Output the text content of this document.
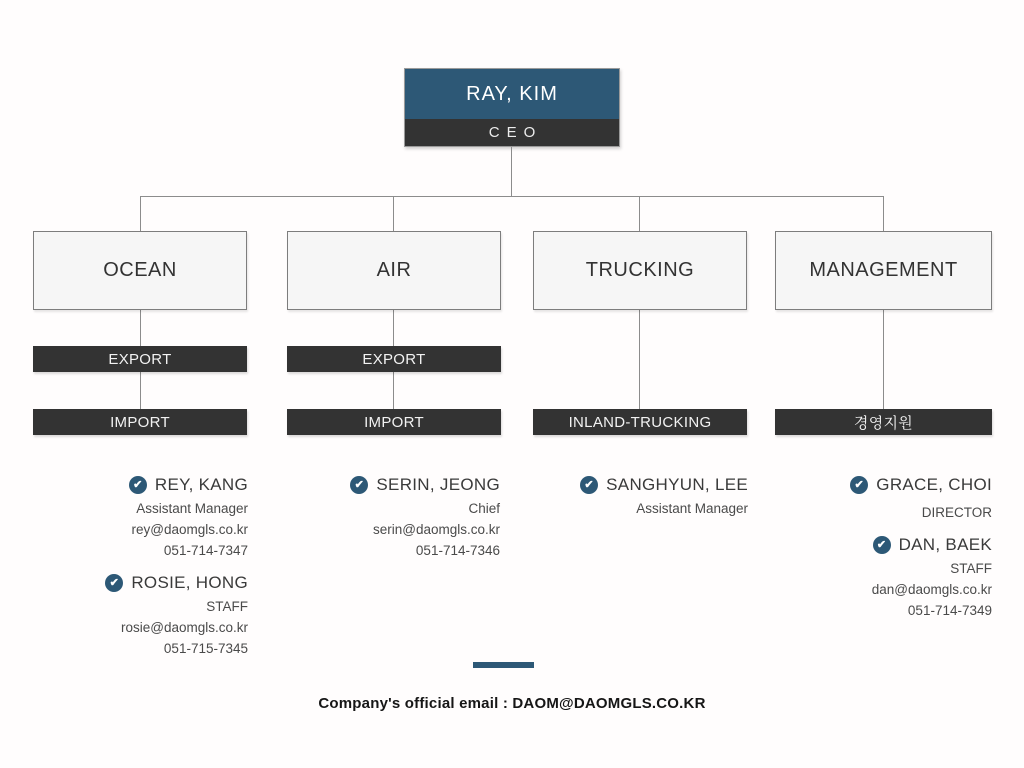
RAY, KIM
CEO
OCEAN	AIR	TRUCKING	MANAGEMENT
EXPORT
IMPORT
EXPORT
IMPORT	INLAND-TRUCKING	경영지원
✔ REY, KANG
Assistant Manager
rey@daomgls.co.kr
051-714-7347
✔ ROSIE, HONG
STAFF
rosie@daomgls.co.kr
051-715-7345
✔ SERIN, JEONG
Chief
serin@daomgls.co.kr
051-714-7346
✔ SANGHYUN, LEE
Assistant Manager
✔ GRACE, CHOI
DIRECTOR
✔ DAN, BAEK
STAFF
dan@daomgls.co.kr
051-714-7349
Company's official email : DAOM@DAOMGLS.CO.KR
